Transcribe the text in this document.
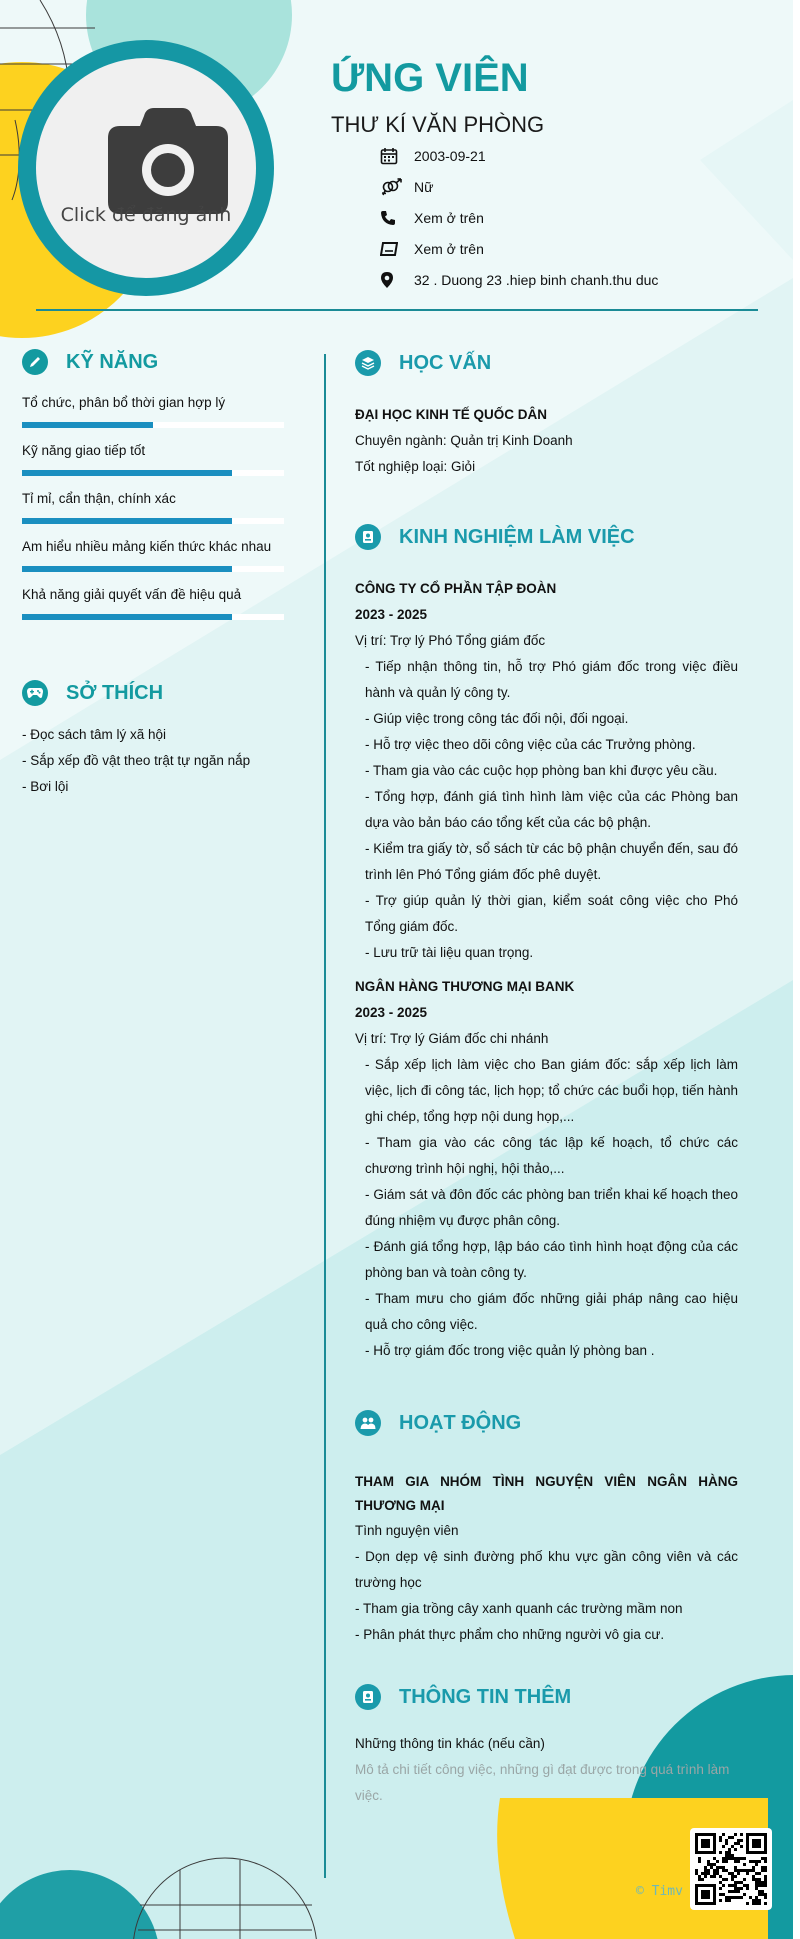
Click để đăng ảnh
ỨNG VIÊN
THƯ KÍ VĂN PHÒNG
2003-09-21
Nữ
Xem ở trên
Xem ở trên
32 . Duong 23 .hiep binh chanh.thu duc
KỸ NĂNG
Tổ chức, phân bổ thời gian hợp lý
Kỹ năng giao tiếp tốt
Tỉ mỉ, cẩn thận, chính xác
Am hiểu nhiều mảng kiến thức khác nhau
Khả năng giải quyết vấn đề hiệu quả
SỞ THÍCH
- Đọc sách tâm lý xã hội
- Sắp xếp đồ vật theo trật tự ngăn nắp
- Bơi lội
HỌC VẤN
ĐẠI HỌC KINH TẾ QUỐC DÂN
Chuyên ngành: Quản trị Kinh Doanh
Tốt nghiệp loại: Giỏi
KINH NGHIỆM LÀM VIỆC
CÔNG TY CỔ PHẦN TẬP ĐOÀN
2023 - 2025
Vị trí: Trợ lý Phó Tổng giám đốc
- Tiếp nhận thông tin, hỗ trợ Phó giám đốc trong việc điều hành và quản lý công ty.
- Giúp việc trong công tác đối nội, đối ngoại.
- Hỗ trợ việc theo dõi công việc của các Trưởng phòng.
- Tham gia vào các cuộc họp phòng ban khi được yêu cầu.
- Tổng hợp, đánh giá tình hình làm việc của các Phòng ban dựa vào bản báo cáo tổng kết của các bộ phận.
- Kiểm tra giấy tờ, sổ sách từ các bộ phận chuyển đến, sau đó trình lên Phó Tổng giám đốc phê duyệt.
- Trợ giúp quản lý thời gian, kiểm soát công việc cho Phó Tổng giám đốc.
- Lưu trữ tài liệu quan trọng.
NGÂN HÀNG THƯƠNG MẠI BANK
2023 - 2025
Vị trí: Trợ lý Giám đốc chi nhánh
- Sắp xếp lịch làm việc cho Ban giám đốc: sắp xếp lịch làm việc, lịch đi công tác, lịch họp; tổ chức các buổi họp, tiến hành ghi chép, tổng hợp nội dung họp,...
- Tham gia vào các công tác lập kế hoạch, tổ chức các chương trình hội nghị, hội thảo,...
- Giám sát và đôn đốc các phòng ban triển khai kế hoạch theo đúng nhiệm vụ được phân công.
- Đánh giá tổng hợp, lập báo cáo tình hình hoạt động của các phòng ban và toàn công ty.
- Tham mưu cho giám đốc những giải pháp nâng cao hiệu quả cho công việc.
- Hỗ trợ giám đốc trong việc quản lý phòng ban .
HOẠT ĐỘNG
THAM GIA NHÓM TÌNH NGUYỆN VIÊN NGÂN HÀNG THƯƠNG MẠI
Tình nguyện viên
- Dọn dẹp vệ sinh đường phố khu vực gần công viên và các trường học
- Tham gia trồng cây xanh quanh các trường mầm non
- Phân phát thực phẩm cho những người vô gia cư.
THÔNG TIN THÊM
Những thông tin khác (nếu cần)
Mô tả chi tiết công việc, những gì đạt được trong quá trình làm việc.
© Timv
